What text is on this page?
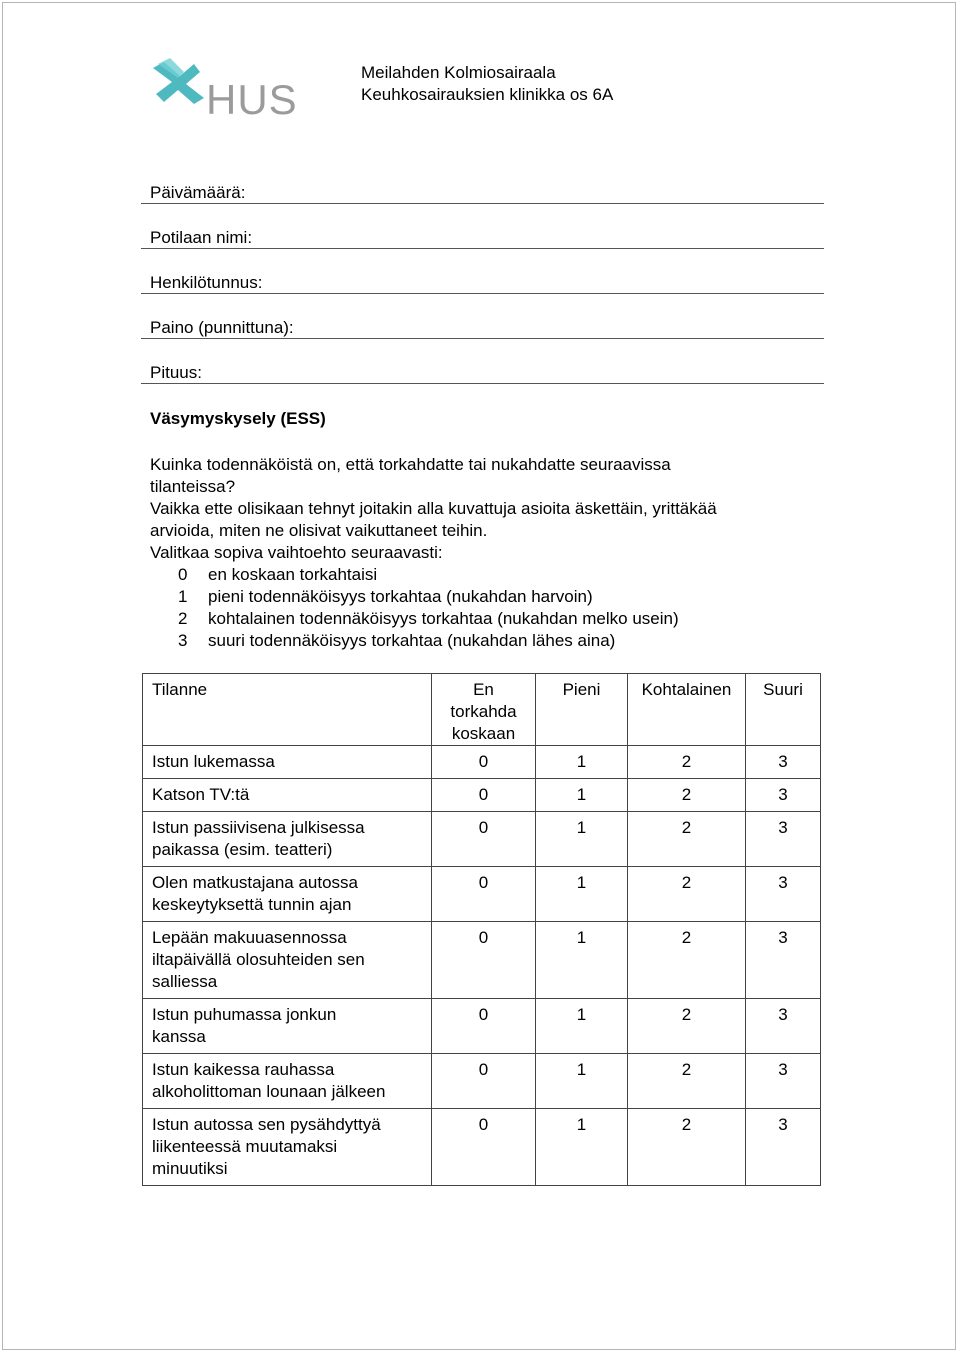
HUS
Meilahden Kolmiosairaala
Keuhkosairauksien klinikka os 6A
Päivämäärä:
Potilaan nimi:
Henkilötunnus:
Paino (punnittuna):
Pituus:
Väsymyskysely (ESS)
Kuinka todennäköistä on, että torkahdatte tai nukahdatte seuraavissa
tilanteissa?
Vaikka ette olisikaan tehnyt joitakin alla kuvattuja asioita äskettäin, yrittäkää
arvioida, miten ne olisivat vaikuttaneet teihin.
Valitkaa sopiva vaihtoehto seuraavasti:
0	en koskaan torkahtaisi
1	pieni todennäköisyys torkahtaa (nukahdan harvoin)
2	kohtalainen todennäköisyys torkahtaa (nukahdan melko usein)
3	suuri todennäköisyys torkahtaa (nukahdan lähes aina)
Tilanne	En
torkahda
koskaan	Pieni	Kohtalainen	Suuri

Istun lukemassa	0	1	2	3

Katson TV:tä	0	1	2	3

Istun passiivisena julkisessa
paikassa (esim. teatteri)	0	1	2	3

Olen matkustajana autossa
keskeytyksettä tunnin ajan	0	1	2	3

Lepään makuuasennossa
iltapäivällä olosuhteiden sen
salliessa	0	1	2	3

Istun puhumassa jonkun
kanssa	0	1	2	3

Istun kaikessa rauhassa
alkoholittoman lounaan jälkeen	0	1	2	3

Istun autossa sen pysähdyttyä
liikenteessä muutamaksi
minuutiksi	0	1	2	3
